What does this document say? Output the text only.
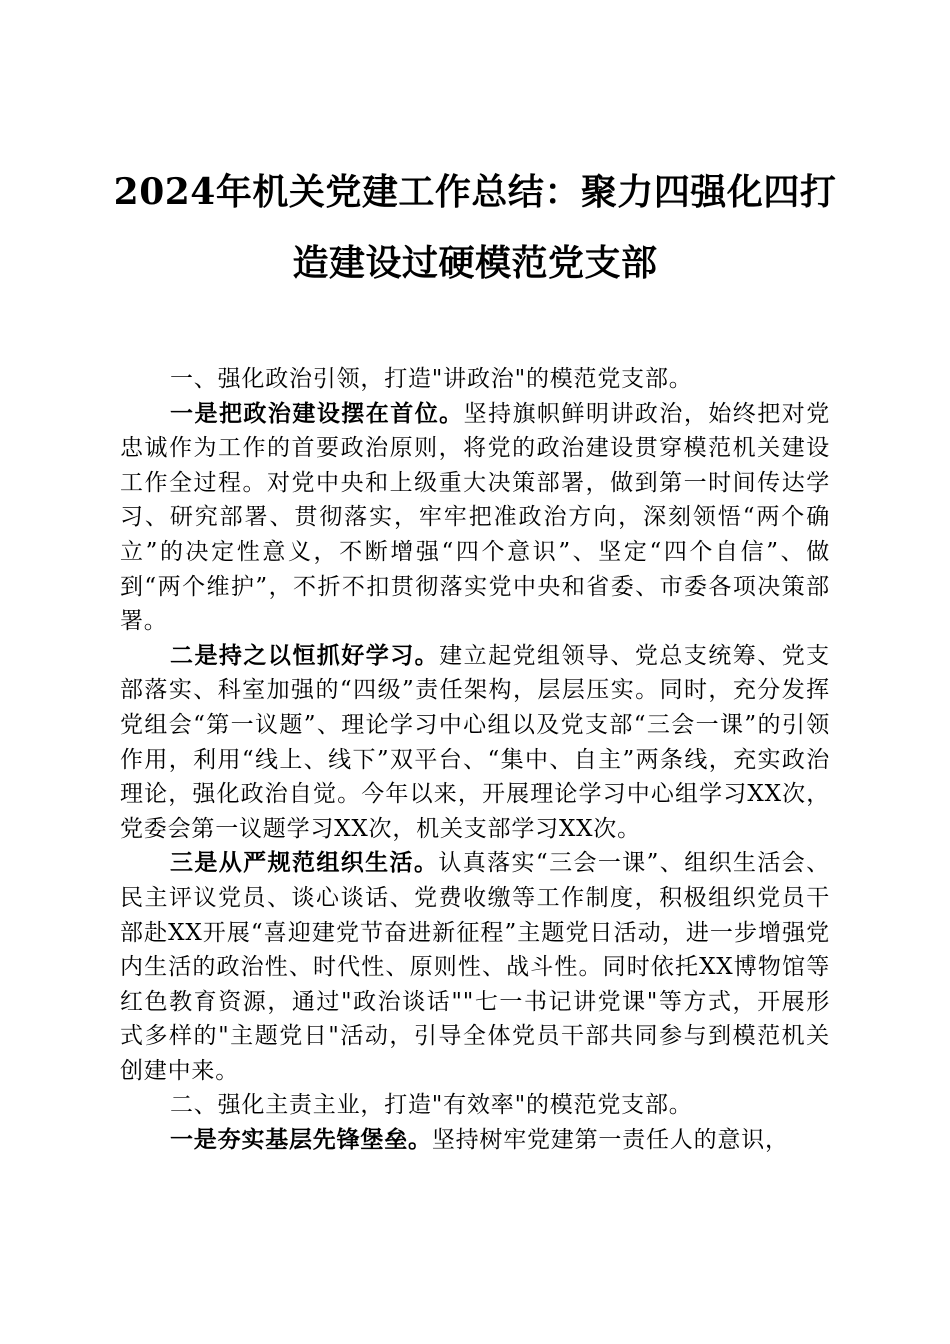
2024年机关党建工作总结：聚力四强化四打
造建设过硬模范党支部

一、强化政治引领，打造"讲政治"的模范党支部。

一是把政治建设摆在首位。坚持旗帜鲜明讲政治，始终把对党忠诚作为工作的首要政治原则，将党的政治建设贯穿模范机关建设工作全过程。对党中央和上级重大决策部署，做到第一时间传达学习、研究部署、贯彻落实，牢牢把准政治方向，深刻领悟“两个确立”的决定性意义，不断增强“四个意识”、坚定“四个自信”、做到“两个维护”，不折不扣贯彻落实党中央和省委、市委各项决策部署。

二是持之以恒抓好学习。建立起党组领导、党总支统筹、党支部落实、科室加强的“四级”责任架构，层层压实。同时，充分发挥党组会“第一议题”、理论学习中心组以及党支部“三会一课”的引领作用，利用“线上、线下”双平台、“集中、自主”两条线，充实政治理论，强化政治自觉。今年以来，开展理论学习中心组学习XX次，党委会第一议题学习XX次，机关支部学习XX次。

三是从严规范组织生活。认真落实“三会一课”、组织生活会、民主评议党员、谈心谈话、党费收缴等工作制度，积极组织党员干部赴XX开展“喜迎建党节奋进新征程”主题党日活动，进一步增强党内生活的政治性、时代性、原则性、战斗性。同时依托XX博物馆等红色教育资源，通过"政治谈话""七一书记讲党课"等方式，开展形式多样的"主题党日"活动，引导全体党员干部共同参与到模范机关创建中来。

二、强化主责主业，打造"有效率"的模范党支部。

一是夯实基层先锋堡垒。坚持树牢党建第一责任人的意识，
